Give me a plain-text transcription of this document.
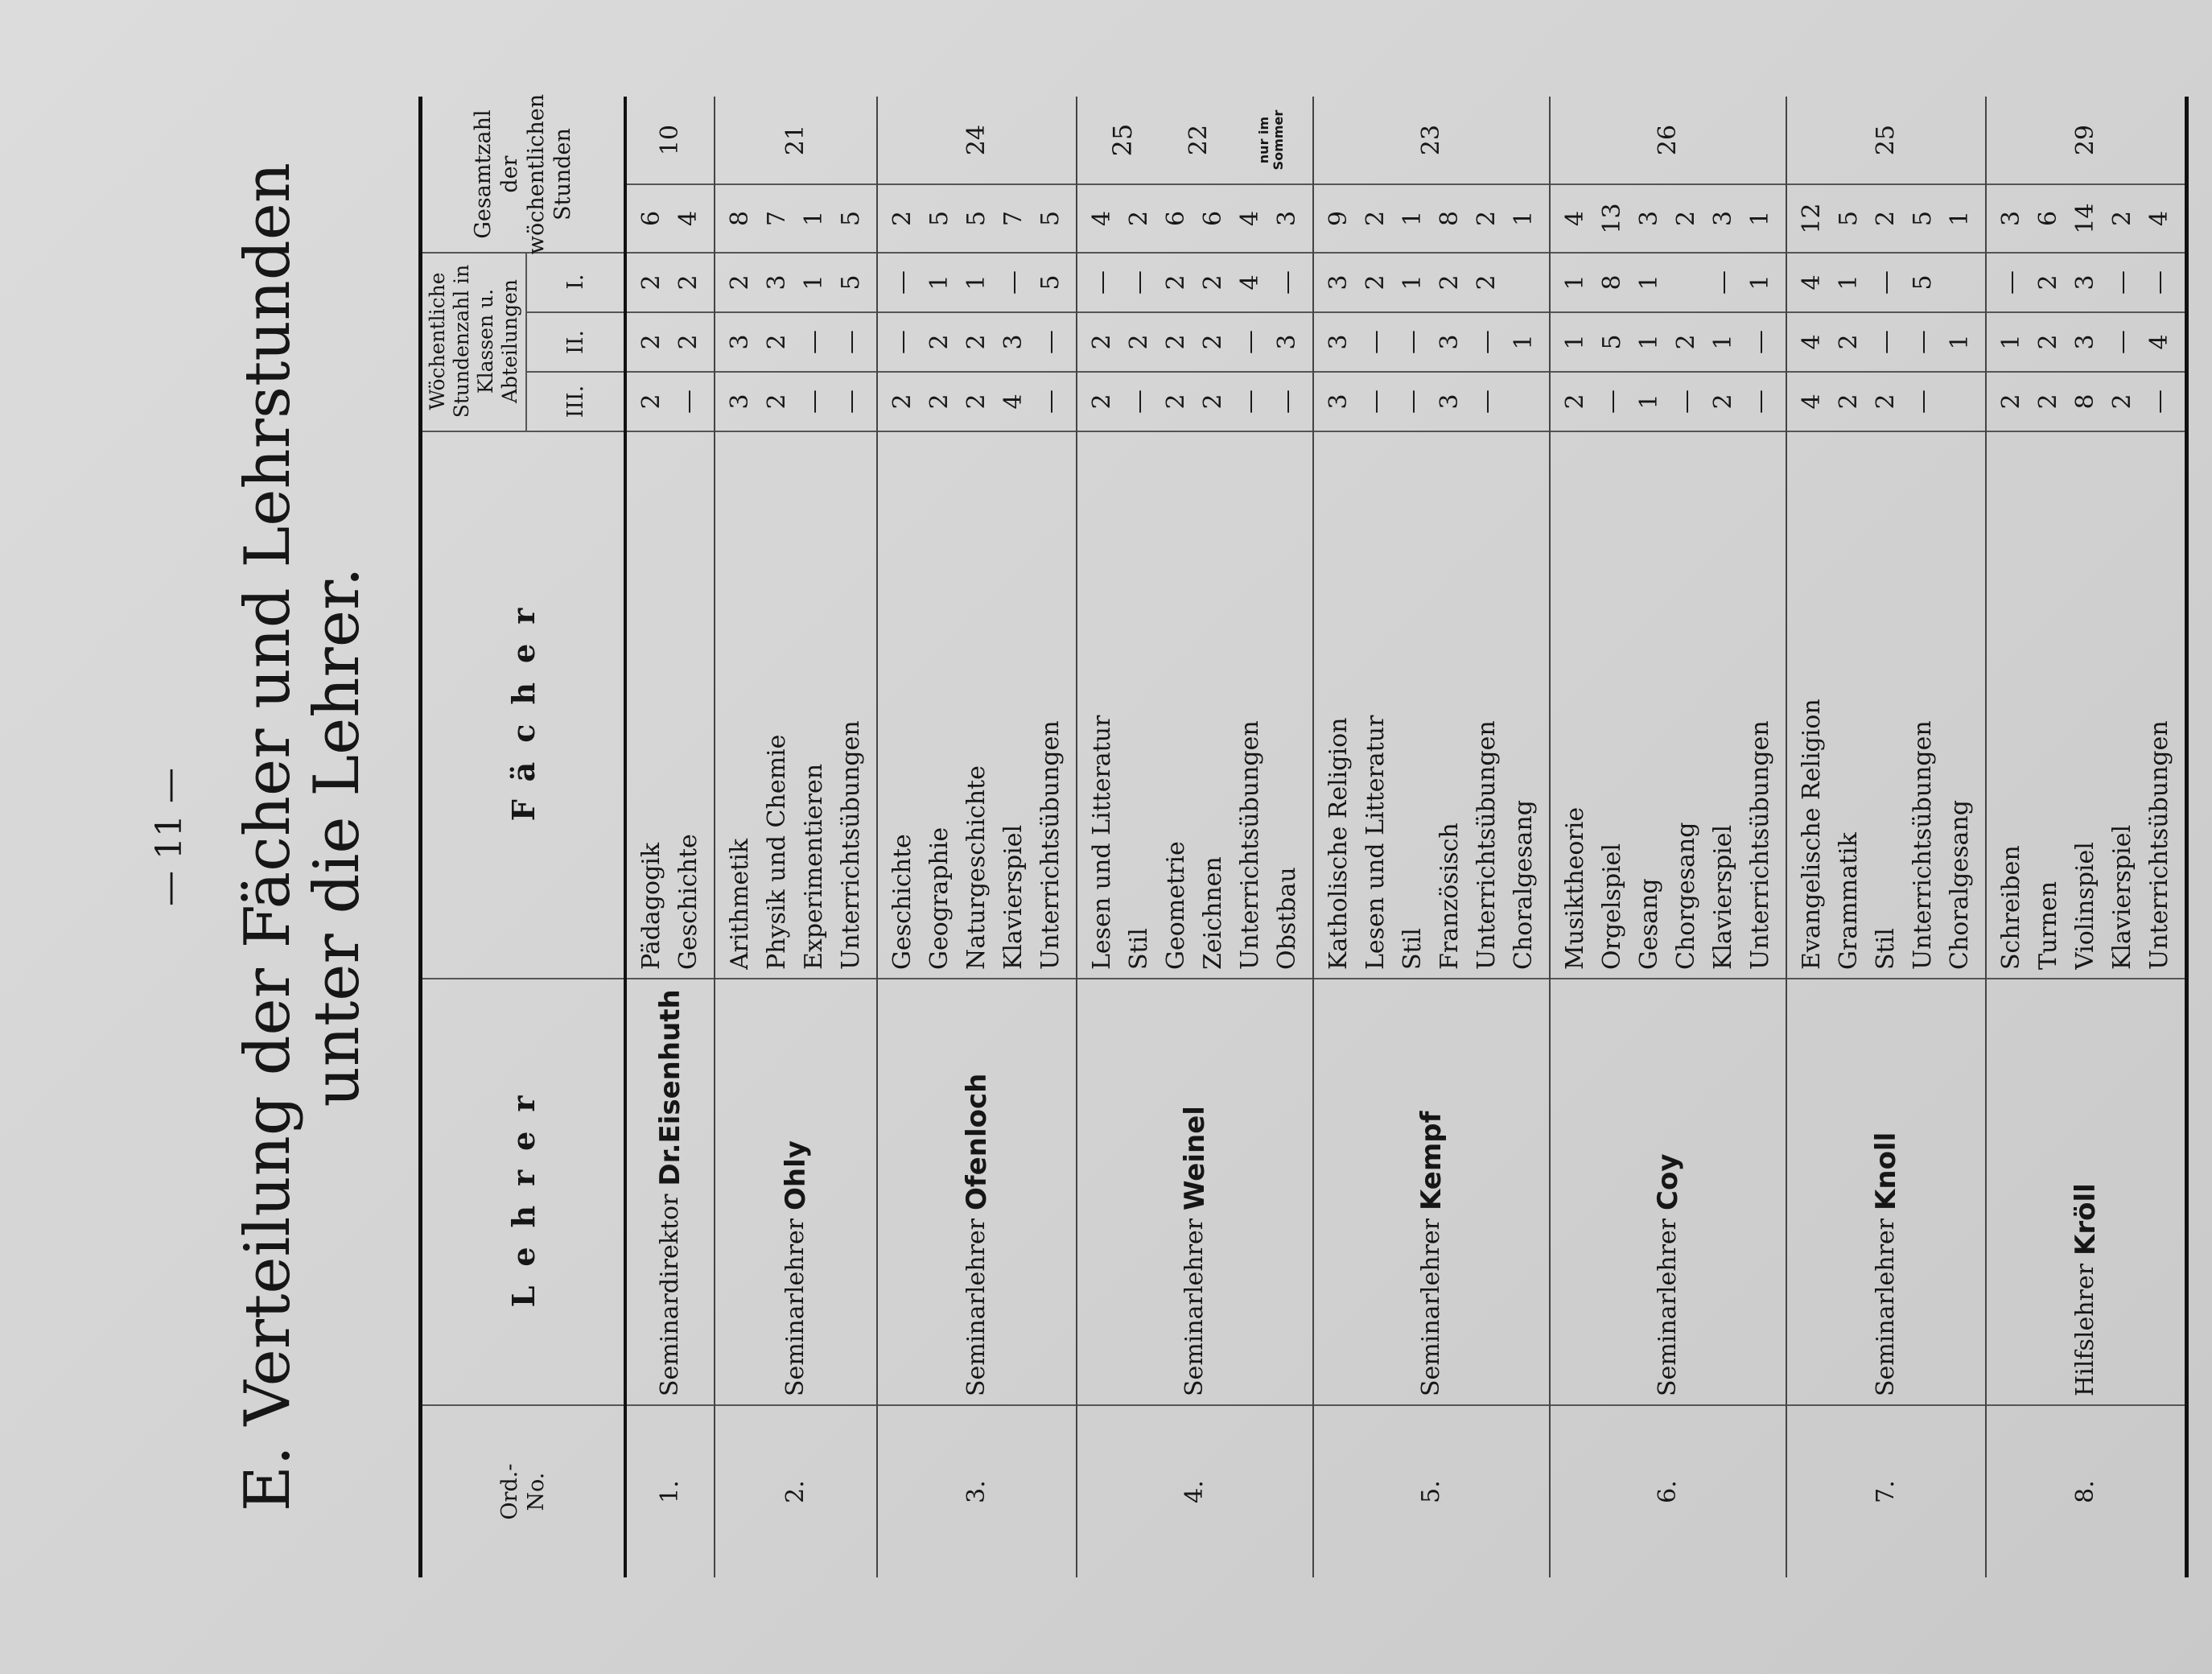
— 11 — E. Verteilung der Fächer und Lehrstunden
unter die Lehrer.
Ord.-
No.
Lehrer
Fächer
Wöchentliche Stundenzahl in Klassen u. Abteilungen	III.
II.
I.
Gesamtzahl der wöchentlichen Stunden
1.
Seminardirektor
Dr.Eisenhuth
Pädagogik Geschichte
2 —
2 2
2 2
6 4
10
2.
Seminarlehrer
Ohly
Arithmetik Physik und Chemie Experimentieren Unterrichtsübungen
3 2 — —
3 2 — —
2 3 1 5
8 7 1 5
21
3.
Seminarlehrer
Ofenloch
Geschichte Geographie Naturgeschichte Klavierspiel Unterrichtsübungen
2 2 2 4 —
— 2 2 3 —
— 1 1 — 5
2 5 5 7 5
24
4.
Seminarlehrer
Weinel
Lesen und Litteratur Stil Geometrie Zeichnen Unterrichtsübungen Obstbau
2 — 2 2 — —
2 2 2 2 — 3
— — 2 2 4 —
4 2 6 6 4 3
25 22	nur im Sommer
5.
Seminarlehrer
Kempf
Katholische Religion Lesen und Litteratur Stil Französisch Unterrichtsübungen Choralgesang
3 — — 3 —
3 — — 3 — 1
3 2 1 2 2
9 2 1 8 2 1
23
6.
Seminarlehrer
Coy
Musiktheorie Orgelspiel Gesang Chorgesang Klavierspiel Unterrichtsübungen
2 — 1 — 2 —
1 5 1 2 1 —
1 8 1 — 1
4 13 3 2 3 1
26
7.
Seminarlehrer
Knoll
Evangelische Religion Grammatik Stil Unterrichtsübungen Choralgesang
4 2 2 —
4 2 — — 1
4 1 — 5
12 5 2 5 1
25
8.
Hilfslehrer
Kröll
Schreiben Turnen Violinspiel Klavierspiel Unterrichtsübungen
2 2 8 2 —
1 2 3 — 4
— 2 3 — —
3 6 14 2 4
29
